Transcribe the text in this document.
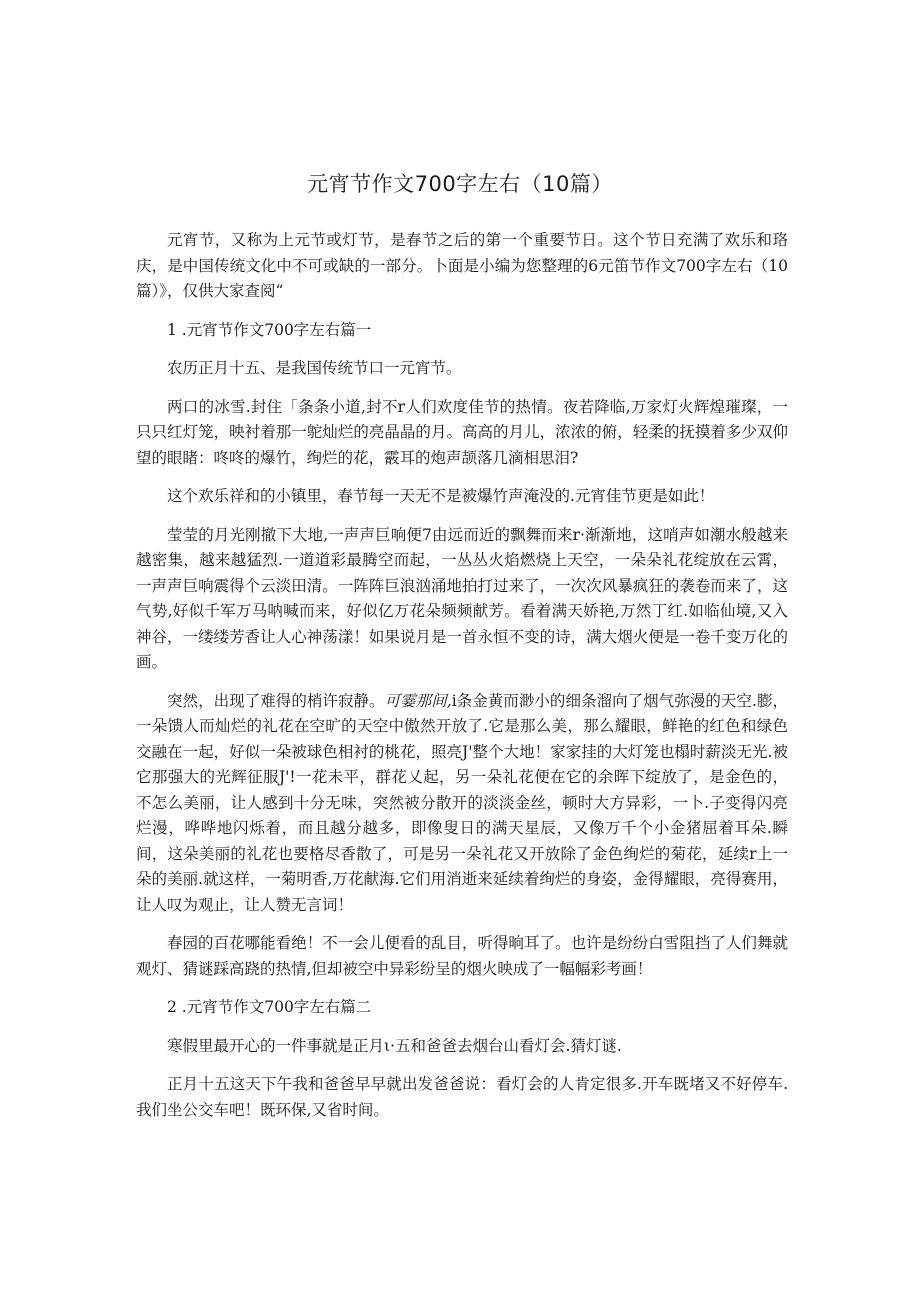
元宵节作文700字左右（10篇）

元宵节，又称为上元节或灯节，是春节之后的第一个重要节日。这个节日充满了欢乐和珞庆，是中国传统文化中不可或缺的一部分。卜面是小编为您整理的6元笛节作文700字左右（10篇）》，仅供大家查阅“

1 .元宵节作文700字左右篇一

农历正月十五、是我国传统节口一元宵节。

两口的冰雪.封住「条条小道,封不r人们欢度佳节的热情。夜若降临,万家灯火辉煌璀璨，一只只红灯笼，映衬着那一鸵灿烂的亮晶晶的月。高高的月儿，浓浓的俯，轻柔的抚摸着多少双仰望的眼睹：咚咚的爆竹，绚烂的花，霰耳的炮声颉落几滴相思泪?

这个欢乐祥和的小镇里，春节每一天无不是被爆竹声淹没的.元宵佳节更是如此！

莹莹的月光刚撤下大地,一声声巨响便7由远而近的飘舞而来r·渐渐地，这哨声如潮水般越来越密集，越来越猛烈.一道道彩最腾空而起，一丛丛火焰燃烧上天空，一朵朵礼花绽放在云霄，一声声巨响震得个云淡田清。一阵阵巨浪汹涌地拍打过来了，一次次风暴疯狂的袭卷而来了，这气势,好似千军万马呐喊而来，好似亿万花朵频频献芳。看着满天娇艳,万然丁红.如临仙境,又入神谷，一缕缕芳香让人心神荡漾！如果说月是一首永恒不变的诗，满大烟火便是一卷千变万化的画。

突然，出现了难得的梢许寂静。可霎那间,i条金黄而渺小的细条溜向了烟气弥漫的天空.膨，一朵馈人而灿烂的礼花在空旷的天空中傲然开放了.它是那么美，那么耀眼，鲜艳的红色和绿色交融在一起，好似一朵被球色相衬的桃花，照亮J'整个大地！家家挂的大灯笼也榻时薪淡无光.被它那强大的光辉征服J'!一花未平，群花乂起，另一朵礼花便在它的余晖下绽放了，是金色的，不怎么美丽，让人感到十分无味，突然被分散开的淡淡金丝，顿时大方异彩，一卜.子变得闪亮烂漫，哗哗地闪烁着，而且越分越多，即像叟日的满天星辰，又像万千个小金猪屈着耳朵.瞬间，这朵美丽的礼花也要格尽香散了，可是另一朵礼花又开放除了金色绚烂的菊花，延续r上一朵的美丽.就这样，一菊明香,万花献海.它们用消逝来延续着绚烂的身姿，金得耀眼，亮得赛用，让人叹为观止，让人赞无言词！

春园的百花哪能看绝！不一会儿便看的乱目，听得晌耳了。也许是纷纷白雪阻挡了人们舞就观灯、猜谜踩高跷的热情,但却被空中异彩纷呈的烟火映成了一幅幅彩考画！

2 .元宵节作文700字左右篇二

寒假里最开心的一件事就是正月ι·五和爸爸去烟台山看灯会.猜灯谜.

正月十五这天下午我和爸爸早早就出发爸爸说：看灯会的人肯定很多.开车既堵又不好停车.我们坐公交车吧！既环保,又省时间。
